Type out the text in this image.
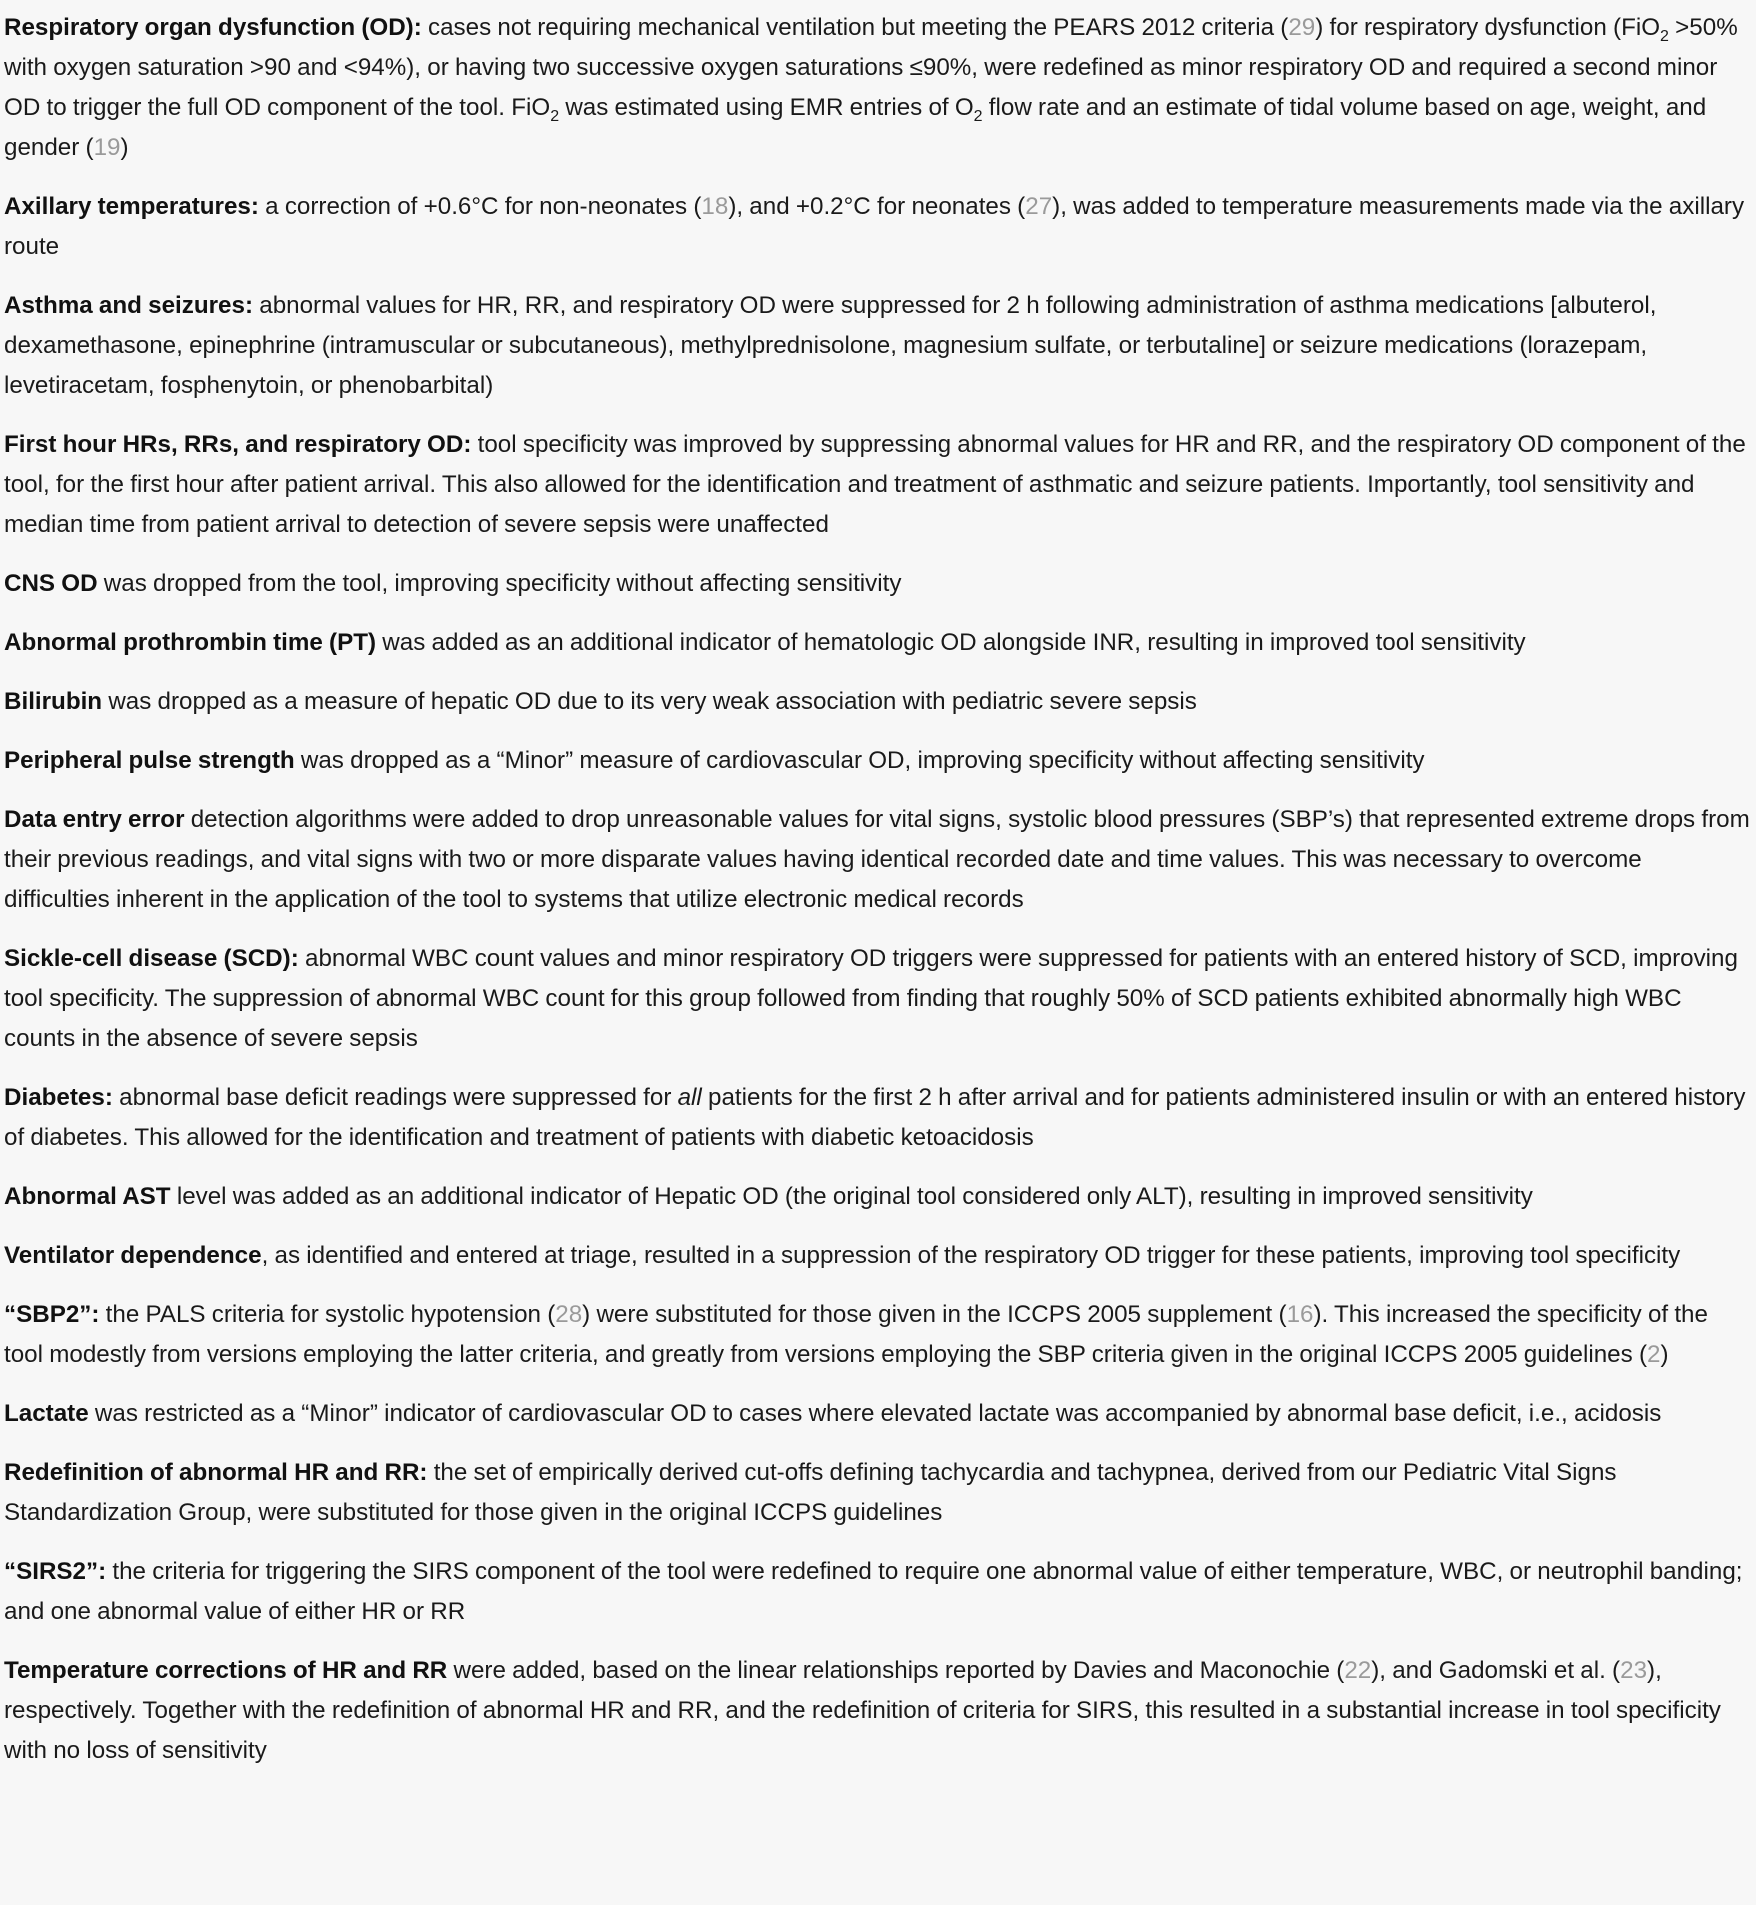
Respiratory organ dysfunction (OD): cases not requiring mechanical ventilation but meeting the PEARS 2012 criteria (29) for respiratory dysfunction (FiO$_2$ >50% with oxygen saturation >90 and <94%), or having two successive oxygen saturations ≤90%, were redefined as minor respiratory OD and required a second minor OD to trigger the full OD component of the tool. FiO$_2$ was estimated using EMR entries of $O_2$ flow rate and an estimate of tidal volume based on age, weight, and gender (19)

Axillary temperatures: a correction of +0.6°C for non-neonates (18), and +0.2°C for neonates (27), was added to temperature measurements made via the axillary route

Asthma and seizures: abnormal values for HR, RR, and respiratory OD were suppressed for 2 h following administration of asthma medications [albuterol, dexamethasone, epinephrine (intramuscular or subcutaneous), methylprednisolone, magnesium sulfate, or terbutaline] or seizure medications (lorazepam, levetiracetam, fosphenytoin, or phenobarbital)

First hour HRs, RRs, and respiratory OD: tool specificity was improved by suppressing abnormal values for HR and RR, and the respiratory OD component of the tool, for the first hour after patient arrival. This also allowed for the identification and treatment of asthmatic and seizure patients. Importantly, tool sensitivity and median time from patient arrival to detection of severe sepsis were unaffected

CNS OD was dropped from the tool, improving specificity without affecting sensitivity

Abnormal prothrombin time (PT) was added as an additional indicator of hematologic OD alongside INR, resulting in improved tool sensitivity

Bilirubin was dropped as a measure of hepatic OD due to its very weak association with pediatric severe sepsis

Peripheral pulse strength was dropped as a “Minor” measure of cardiovascular OD, improving specificity without affecting sensitivity

Data entry error detection algorithms were added to drop unreasonable values for vital signs, systolic blood pressures (SBP’s) that represented extreme drops from their previous readings, and vital signs with two or more disparate values having identical recorded date and time values. This was necessary to overcome difficulties inherent in the application of the tool to systems that utilize electronic medical records

Sickle-cell disease (SCD): abnormal WBC count values and minor respiratory OD triggers were suppressed for patients with an entered history of SCD, improving tool specificity. The suppression of abnormal WBC count for this group followed from finding that roughly 50% of SCD patients exhibited abnormally high WBC counts in the absence of severe sepsis

Diabetes: abnormal base deficit readings were suppressed for all patients for the first 2 h after arrival and for patients administered insulin or with an entered history of diabetes. This allowed for the identification and treatment of patients with diabetic ketoacidosis

Abnormal AST level was added as an additional indicator of Hepatic OD (the original tool considered only ALT), resulting in improved sensitivity

Ventilator dependence, as identified and entered at triage, resulted in a suppression of the respiratory OD trigger for these patients, improving tool specificity

“SBP2”: the PALS criteria for systolic hypotension (28) were substituted for those given in the ICCPS 2005 supplement (16). This increased the specificity of the tool modestly from versions employing the latter criteria, and greatly from versions employing the SBP criteria given in the original ICCPS 2005 guidelines (2)

Lactate was restricted as a “Minor” indicator of cardiovascular OD to cases where elevated lactate was accompanied by abnormal base deficit, i.e., acidosis

Redefinition of abnormal HR and RR: the set of empirically derived cut-offs defining tachycardia and tachypnea, derived from our Pediatric Vital Signs Standardization Group, were substituted for those given in the original ICCPS guidelines

“SIRS2”: the criteria for triggering the SIRS component of the tool were redefined to require one abnormal value of either temperature, WBC, or neutrophil banding; and one abnormal value of either HR or RR

Temperature corrections of HR and RR were added, based on the linear relationships reported by Davies and Maconochie (22), and Gadomski et al. (23), respectively. Together with the redefinition of abnormal HR and RR, and the redefinition of criteria for SIRS, this resulted in a substantial increase in tool specificity with no loss of sensitivity
